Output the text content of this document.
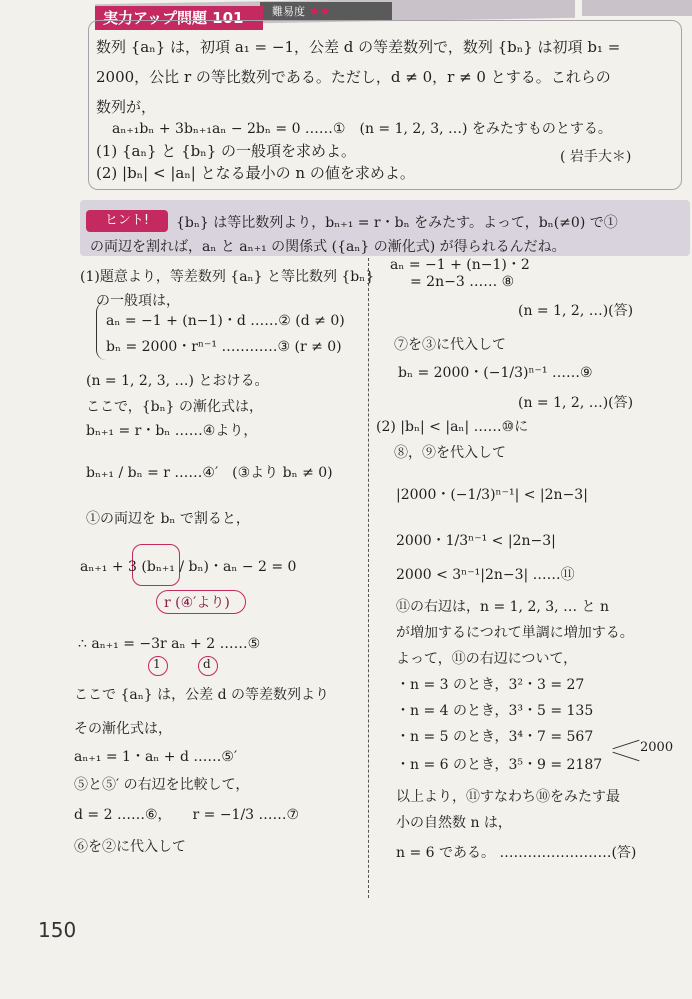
難易度 ★★
実力アップ問題 101
数列 {aₙ} は，初項 a₁ = −1，公差 d の等差数列で，数列 {bₙ} は初項 b₁ =
2000，公比 r の等比数列である。ただし，d ≠ 0，r ≠ 0 とする。これらの
数列が，
aₙ₊₁bₙ + 3bₙ₊₁aₙ − 2bₙ = 0 ……①　(n = 1, 2, 3, …) をみたすものとする。
(1) {aₙ} と {bₙ} の一般項を求めよ。	( 岩手大＊)
(2) |bₙ| < |aₙ| となる最小の n の値を求めよ。
ヒント!	{bₙ} は等比数列より，bₙ₊₁ = r・bₙ をみたす。よって，bₙ(≠0) で①
の両辺を割れば，aₙ と aₙ₊₁ の関係式 ({aₙ} の漸化式) が得られるんだね。
(1)題意より，等差数列 {aₙ} と等比数列 {bₙ}
の一般項は，
aₙ = −1 + (n−1)・d ……② (d ≠ 0)
bₙ = 2000・rⁿ⁻¹ …………③ (r ≠ 0)
(n = 1, 2, 3, …) とおける。
ここで，{bₙ} の漸化式は，
bₙ₊₁ = r・bₙ ……④より，
bₙ₊₁ / bₙ = r ……④′　(③より bₙ ≠ 0)
①の両辺を bₙ で割ると，
aₙ₊₁ + 3 (bₙ₊₁ / bₙ)・aₙ − 2 = 0
r (④′より)
∴ aₙ₊₁ = −3r aₙ + 2 ……⑤
1	d
ここで {aₙ} は，公差 d の等差数列より
その漸化式は，
aₙ₊₁ = 1・aₙ + d ……⑤′
⑤と⑤′ の右辺を比較して，
d = 2 ……⑥，　　r = −1/3 ……⑦
⑥を②に代入して
aₙ = −1 + (n−1)・2
= 2n−3 …… ⑧
(n = 1, 2, …)(答)
⑦を③に代入して
bₙ = 2000・(−1/3)ⁿ⁻¹ ……⑨
(n = 1, 2, …)(答)
(2) |bₙ| < |aₙ| ……⑩に
⑧，⑨を代入して
|2000・(−1/3)ⁿ⁻¹| < |2n−3|
2000・1/3ⁿ⁻¹ < |2n−3|
2000 < 3ⁿ⁻¹|2n−3| ……⑪
⑪の右辺は，n = 1, 2, 3, … と n
が増加するにつれて単調に増加する。
よって，⑪の右辺について，
・n = 3 のとき，3²・3 = 27
・n = 4 のとき，3³・5 = 135
・n = 5 のとき，3⁴・7 = 567
・n = 6 のとき，3⁵・9 = 2187
2000
以上より，⑪すなわち⑩をみたす最
小の自然数 n は，
n = 6 である。 ……………………(答)
150
